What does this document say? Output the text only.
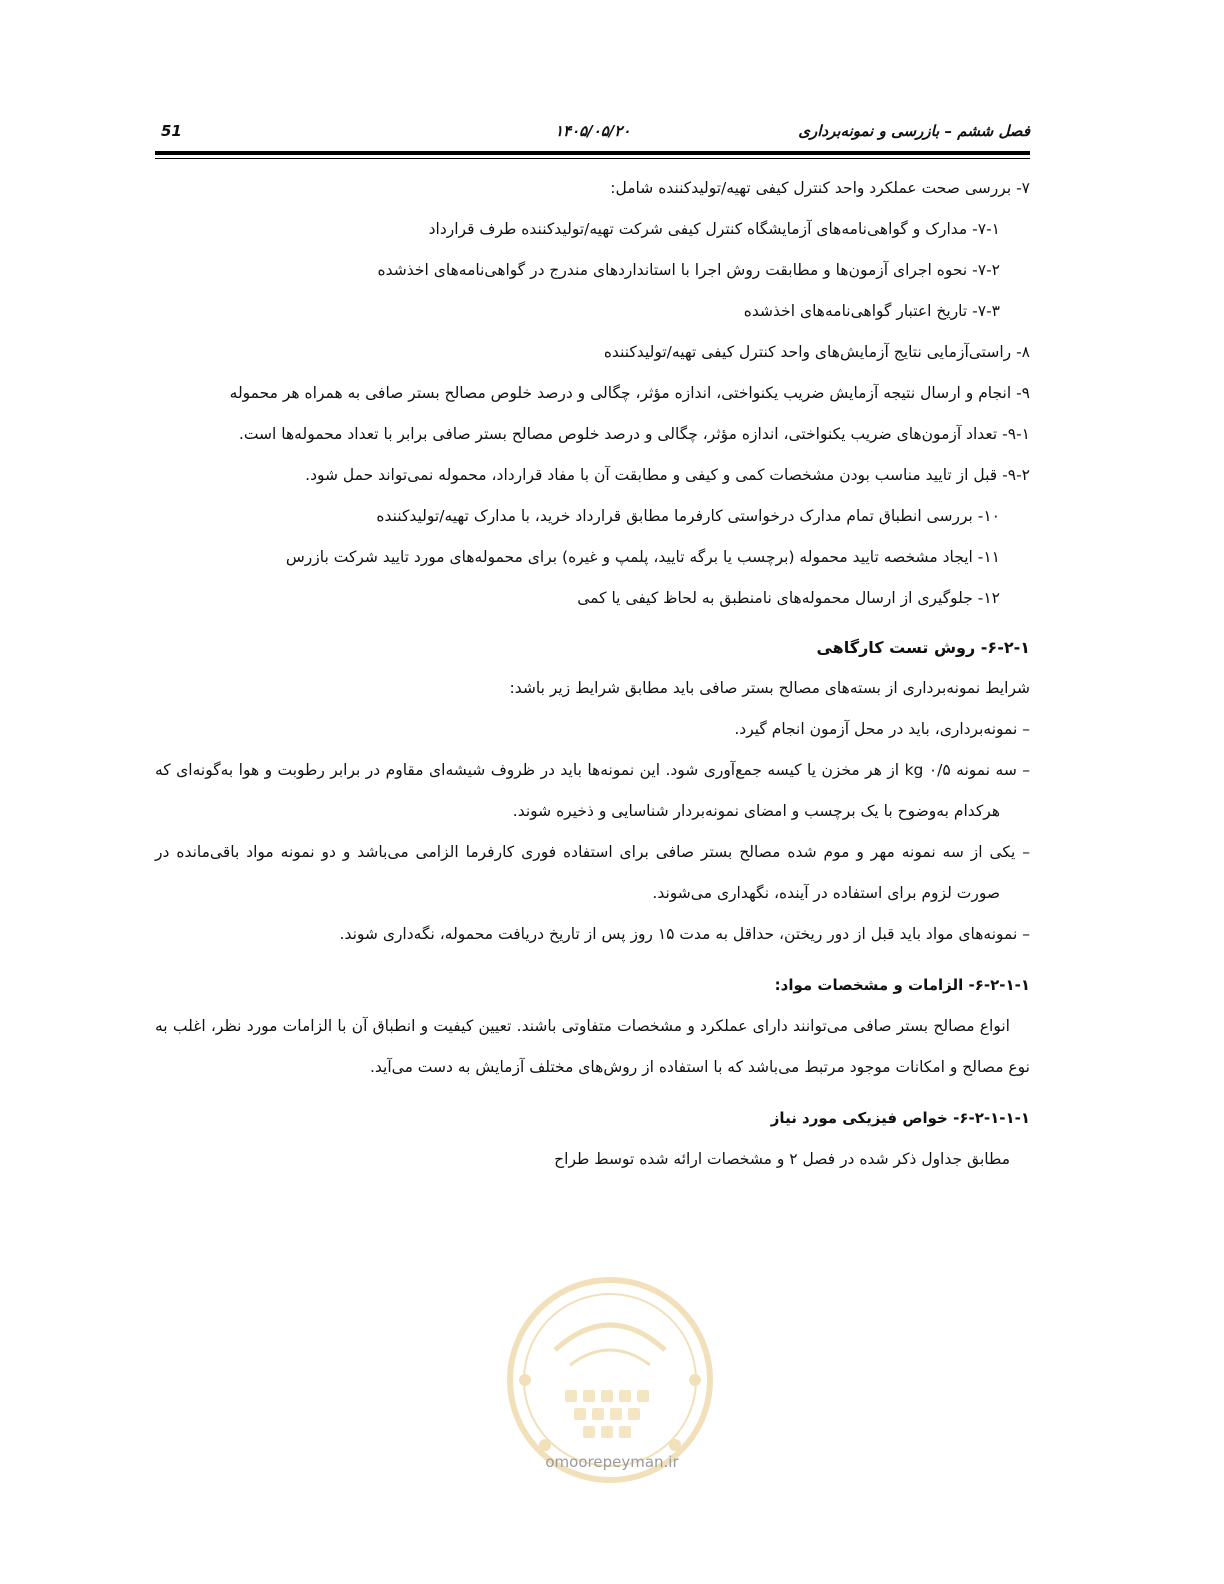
فصل ششم – بازرسی و نمونه‌برداری
۱۴۰۵/۰۵/۲۰
51

۷- بررسی صحت عملکرد واحد کنترل کیفی تهیه/تولیدکننده شامل:

۷-۱- مدارک و گواهی‌نامه‌های آزمایشگاه کنترل کیفی شرکت تهیه/تولیدکننده طرف قرارداد

۷-۲- نحوه اجرای آزمون‌ها و مطابقت روش اجرا با استانداردهای مندرج در گواهی‌نامه‌های اخذشده

۷-۳- تاریخ اعتبار گواهی‌نامه‌های اخذشده

۸- راستی‌آزمایی نتایج آزمایش‌های واحد کنترل کیفی تهیه/تولیدکننده

۹- انجام و ارسال نتیجه آزمایش ضریب یکنواختی، اندازه مؤثر، چگالی و درصد خلوص مصالح بستر صافی به همراه هر محموله

۹-۱- تعداد آزمون‌های ضریب یکنواختی، اندازه مؤثر، چگالی و درصد خلوص مصالح بستر صافی برابر با تعداد محموله‌ها است.

۹-۲- قبل از تایید مناسب بودن مشخصات کمی و کیفی و مطابقت آن با مفاد قرارداد، محموله نمی‌تواند حمل شود.

۱۰- بررسی انطباق تمام مدارک درخواستی کارفرما مطابق قرارداد خرید، با مدارک تهیه/تولیدکننده

۱۱- ایجاد مشخصه تایید محموله (برچسب یا برگه تایید، پلمپ و غیره) برای محموله‌های مورد تایید شرکت بازرس

۱۲- جلوگیری از ارسال محموله‌های نامنطبق به لحاظ کیفی یا کمی

۶-۲-۱- روش تست کارگاهی

شرایط نمونه‌برداری از بسته‌های مصالح بستر صافی باید مطابق شرایط زیر باشد:

– نمونه‌برداری، باید در محل آزمون انجام گیرد.

– سه نمونه ۰/۵ kg از هر مخزن یا کیسه جمع‌آوری شود. این نمونه‌ها باید در ظروف شیشه‌ای مقاوم در برابر رطوبت و هوا به‌گونه‌ای که هرکدام به‌وضوح با یک برچسب و امضای نمونه‌بردار شناسایی و ذخیره شوند.

– یکی از سه نمونه مهر و موم شده مصالح بستر صافی برای استفاده فوری کارفرما الزامی می‌باشد و دو نمونه مواد باقی‌مانده در صورت لزوم برای استفاده در آینده، نگهداری می‌شوند.

– نمونه‌های مواد باید قبل از دور ریختن، حداقل به مدت ۱۵ روز پس از تاریخ دریافت محموله، نگه‌داری شوند.

۶-۲-۱-۱- الزامات و مشخصات مواد:

انواع مصالح بستر صافی می‌توانند دارای عملکرد و مشخصات متفاوتی باشند. تعیین کیفیت و انطباق آن با الزامات مورد نظر، اغلب به نوع مصالح و امکانات موجود مرتبط می‌باشد که با استفاده از روش‌های مختلف آزمایش به دست می‌آید.

۶-۲-۱-۱-۱- خواص فیزیکی مورد نیاز

مطابق جداول ذکر شده در فصل ۲ و مشخصات ارائه شده توسط طراح

omoorepeyman.ir
